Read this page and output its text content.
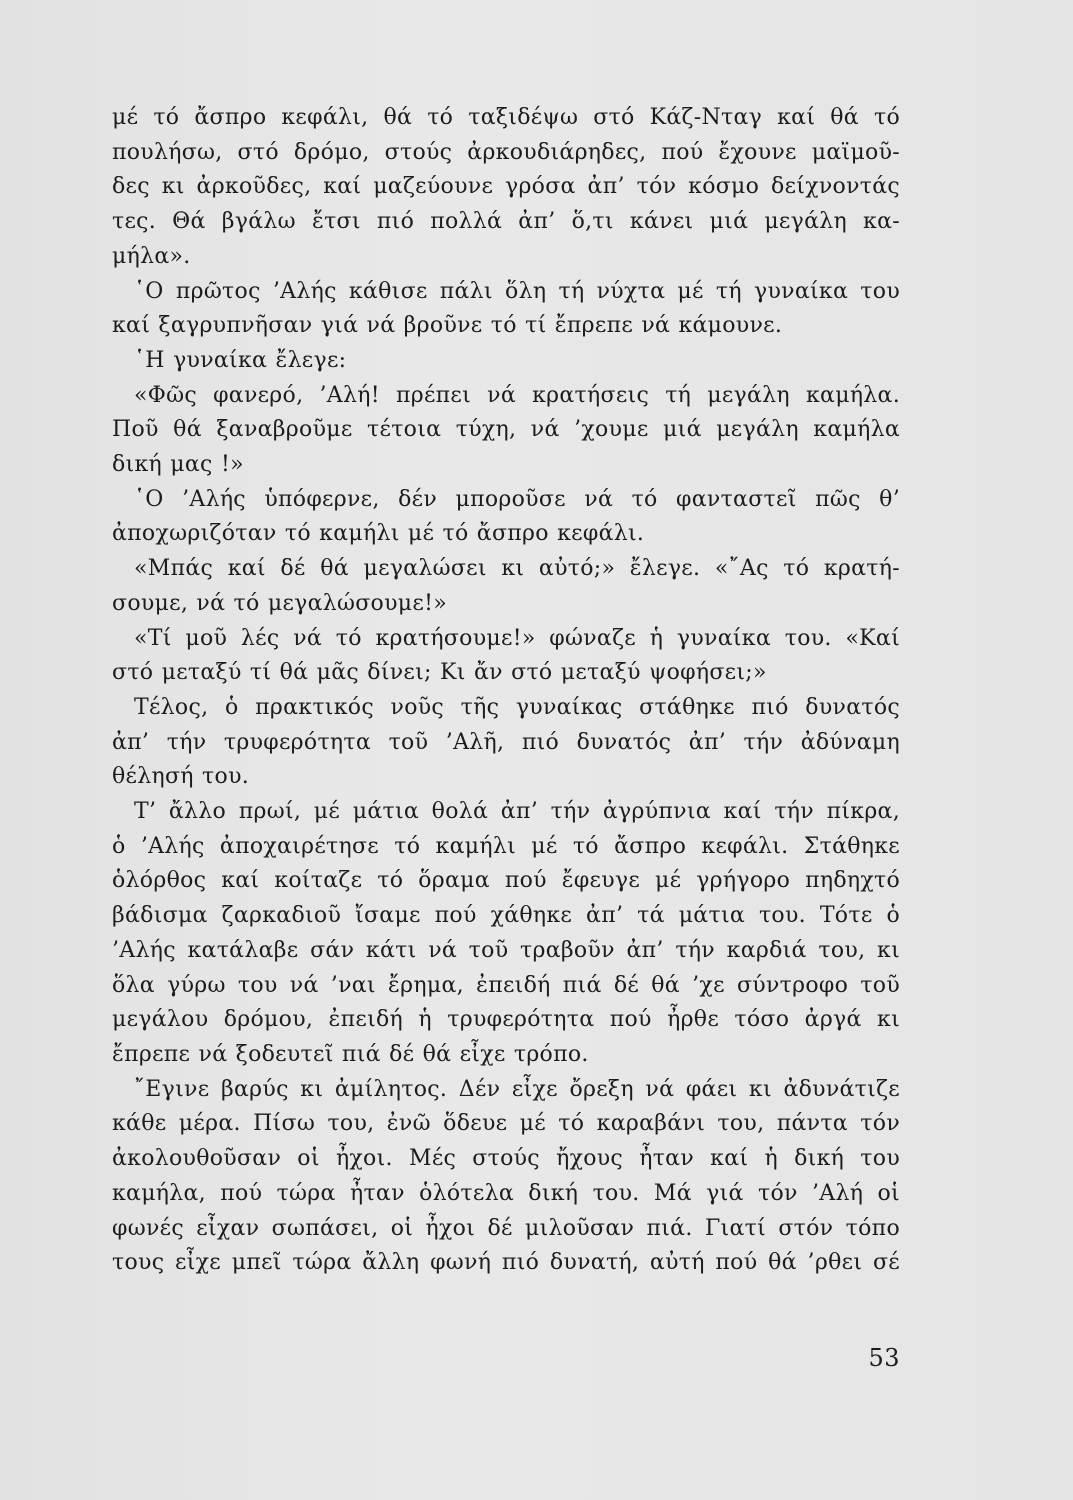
μέ τό ἄσπρο κεφάλι, θά τό ταξιδέψω στό Κάζ-Νταγ καί θά τό
πουλήσω, στό δρόμο, στούς ἀρκουδιάρηδες, πού ἔχουνε μαϊμοῦ-
δες κι ἀρκοῦδες, καί μαζεύουνε γρόσα ἀπ’ τόν κόσμο δείχνοντάς
τες. Θά βγάλω ἔτσι πιό πολλά ἀπ’ ὅ,τι κάνει μιά μεγάλη κα-
μήλα».
῾Ο πρῶτος ’Αλής κάθισε πάλι ὅλη τή νύχτα μέ τή γυναίκα του
καί ξαγρυπνῆσαν γιά νά βροῦνε τό τί ἔπρεπε νά κάμουνε.
῾Η γυναίκα ἔλεγε:
«Φῶς φανερό, ’Αλή! πρέπει νά κρατήσεις τή μεγάλη καμήλα.
Ποῦ θά ξαναβροῦμε τέτοια τύχη, νά ’χουμε μιά μεγάλη καμήλα
δική μας !»
῾Ο ’Αλής ὑπόφερνε, δέν μποροῦσε νά τό φανταστεῖ πῶς θ’
ἀποχωριζόταν τό καμήλι μέ τό ἄσπρο κεφάλι.
«Μπάς καί δέ θά μεγαλώσει κι αὐτό;» ἔλεγε. «῎Ας τό κρατή-
σουμε, νά τό μεγαλώσουμε!»
«Τί μοῦ λές νά τό κρατήσουμε!» φώναζε ἡ γυναίκα του. «Καί
στό μεταξύ τί θά μᾶς δίνει; Κι ἄν στό μεταξύ ψοφήσει;»
Τέλος, ὁ πρακτικός νοῦς τῆς γυναίκας στάθηκε πιό δυνατός
ἀπ’ τήν τρυφερότητα τοῦ ’Αλῆ, πιό δυνατός ἀπ’ τήν ἀδύναμη
θέλησή του.
Τ’ ἄλλο πρωί, μέ μάτια θολά ἀπ’ τήν ἀγρύπνια καί τήν πίκρα,
ὁ ’Αλής ἀποχαιρέτησε τό καμήλι μέ τό ἄσπρο κεφάλι. Στάθηκε
ὁλόρθος καί κοίταζε τό ὅραμα πού ἔφευγε μέ γρήγορο πηδηχτό
βάδισμα ζαρκαδιοῦ ἴσαμε πού χάθηκε ἀπ’ τά μάτια του. Τότε ὁ
’Αλής κατάλαβε σάν κάτι νά τοῦ τραβοῦν ἀπ’ τήν καρδιά του, κι
ὅλα γύρω του νά ’ναι ἔρημα, ἐπειδή πιά δέ θά ’χε σύντροφο τοῦ
μεγάλου δρόμου, ἐπειδή ἡ τρυφερότητα πού ἦρθε τόσο ἀργά κι
ἔπρεπε νά ξοδευτεῖ πιά δέ θά εἶχε τρόπο.
῎Εγινε βαρύς κι ἀμίλητος. Δέν εἶχε ὄρεξη νά φάει κι ἀδυνάτιζε
κάθε μέρα. Πίσω του, ἐνῶ ὅδευε μέ τό καραβάνι του, πάντα τόν
ἀκολουθοῦσαν οἱ ἦχοι. Μές στούς ἤχους ἦταν καί ἡ δική του
καμήλα, πού τώρα ἦταν ὁλότελα δική του. Μά γιά τόν ’Αλή οἱ
φωνές εἶχαν σωπάσει, οἱ ἦχοι δέ μιλοῦσαν πιά. Γιατί στόν τόπο
τους εἶχε μπεῖ τώρα ἄλλη φωνή πιό δυνατή, αὐτή πού θά ’ρθει σέ
53
